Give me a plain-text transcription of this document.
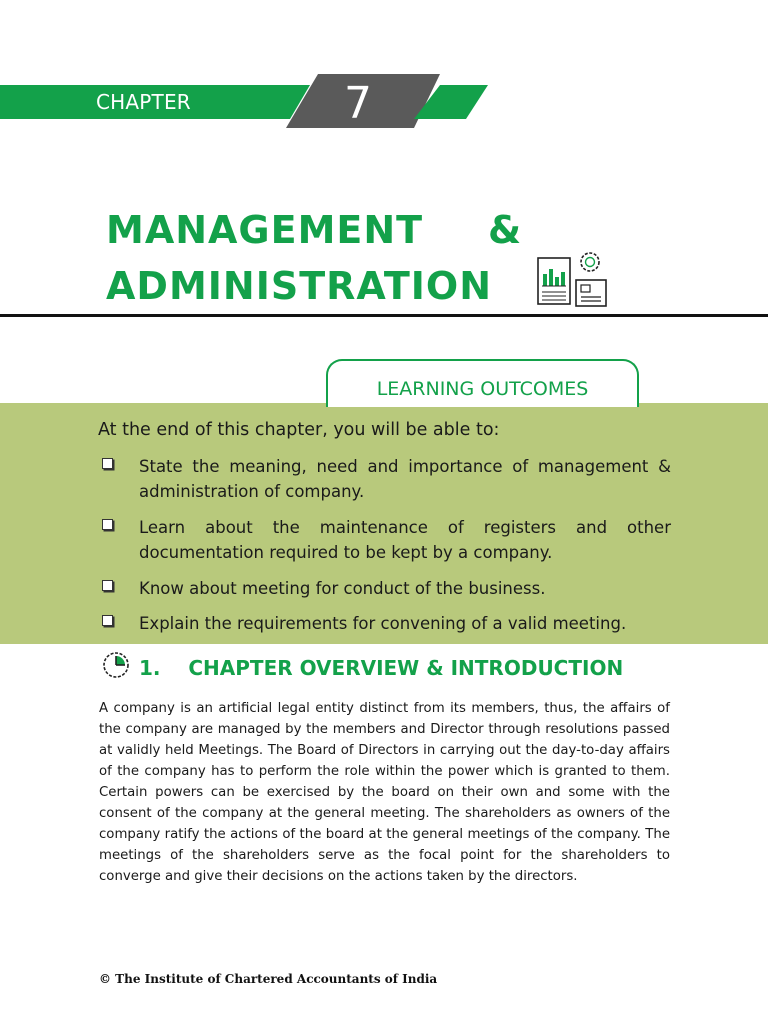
CHAPTER	7
MANAGEMENT &
ADMINISTRATION
LEARNING OUTCOMES
At the end of this chapter, you will be able to:
State the meaning, need and importance of management & administration of company.
Learn about the maintenance of registers and other documentation required to be kept by a company.
Know about meeting for conduct of the business.
Explain the requirements for convening of a valid meeting.
1. CHAPTER OVERVIEW & INTRODUCTION
A company is an artificial legal entity distinct from its members, thus, the affairs of the company are managed by the members and Director through resolutions passed at validly held Meetings. The Board of Directors in carrying out the day-to-day affairs of the company has to perform the role within the power which is granted to them. Certain powers can be exercised by the board on their own and some with the consent of the company at the general meeting. The shareholders as owners of the company ratify the actions of the board at the general meetings of the company. The meetings of the shareholders serve as the focal point for the shareholders to converge and give their decisions on the actions taken by the directors.
© The Institute of Chartered Accountants of India
